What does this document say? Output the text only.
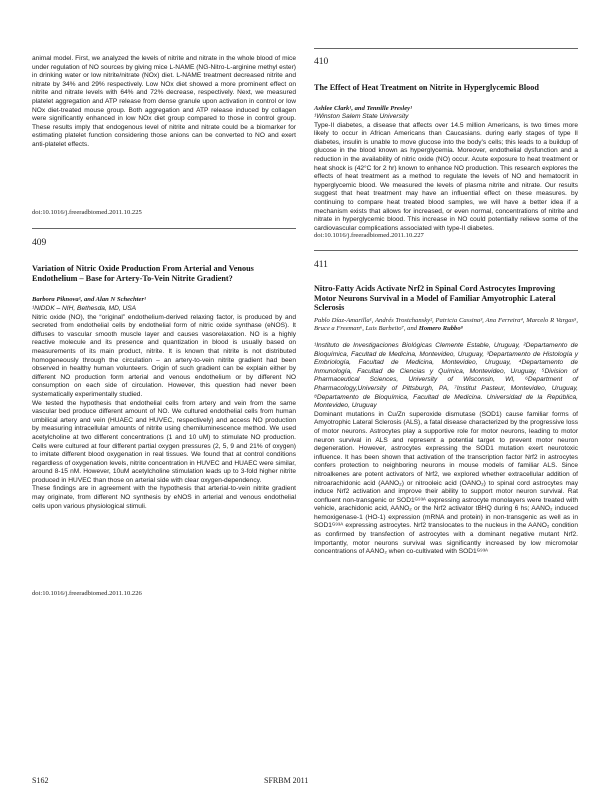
animal model. First, we analyzed the levels of nitrite and nitrate in the whole blood of mice under regulation of NO sources by giving mice L-NAME (NG-Nitro-L-arginine methyl ester) in drinking water or low nitrite/nitrate (NOx) diet. L-NAME treatment decreased nitrite and nitrate by 34% and 29% respectively. Low NOx diet showed a more prominent effect on nitrite and nitrate levels with 64% and 72% decrease, respectively. Next, we measured platelet aggregation and ATP release from dense granule upon activation in control or low NOx diet-treated mouse group. Both aggregation and ATP release induced by collagen were significantly enhanced in low NOx diet group compared to those in control group. These results imply that endogenous level of nitrite and nitrate could be a biomarker for estimating platelet function considering those anions can be converted to NO and exert anti-platelet effects.

doi:10.1016/j.freeradbiomed.2011.10.225
409

Variation of Nitric Oxide Production From Arterial and Venous Endothelium – Base for Artery-To-Vein Nitrite Gradient?

Barbora Piknova¹, and Alan N Schechter¹

¹NIDDK – NIH, Bethesda, MD, USA

Nitric oxide (NO), the “original” endothelium-derived relaxing factor, is produced by and secreted from endothelial cells by endothelial form of nitric oxide synthase (eNOS). It diffuses to vascular smooth muscle layer and causes vasorelaxation. NO is a highly reactive molecule and its presence and quantization in blood is usually based on measurements of its main product, nitrite. It is known that nitrite is not distributed homogeneously through the circulation – an artery-to-vein nitrite gradient had been observed in healthy human volunteers. Origin of such gradient can be explain either by different NO production form arterial and venous endothelium or by different NO consumption on each side of circulation. However, this question had never been systematically experimentally studied.

We tested the hypothesis that endothelial cells from artery and vein from the same vascular bed produce different amount of NO. We cultured endothelial cells from human umbilical artery and vein (HUAEC and HUVEC, respectively) and access NO production by measuring intracellular amounts of nitrite using chemiluminescence method. We used acetylcholine at two different concentrations (1 and 10 uM) to stimulate NO production. Cells were cultured at four different partial oxygen pressures (2, 5, 9 and 21% of oxygen) to imitate different blood oxygenation in real tissues. We found that at control conditions regardless of oxygenation levels, nitrite concentration in HUVEC and HUAEC were similar, around 8-15 nM. However, 10uM acetylcholine stimulation leads up to 3-fold higher nitrite produced in HUVEC than those on arterial side with clear oxygen-dependency.

These findings are in agreement with the hypothesis that arterial-to-vein nitrite gradient may originate, from different NO synthesis by eNOS in arterial and venous endothelial cells upon various physiological stimuli.

doi:10.1016/j.freeradbiomed.2011.10.226
410

The Effect of Heat Treatment on Nitrite in Hyperglycemic Blood

Ashlee Clark¹, and Tennille Presley¹

¹Winston Salem State University

Type-II diabetes, a disease that affects over 14.5 million Americans, is two times more likely to occur in African Americans than Caucasians. during early stages of type II diabetes, insulin is unable to move glucose into the body’s cells; this leads to a buildup of glucose in the blood known as hyperglycemia. Moreover, endothelial dysfunction and a reduction in the availability of nitric oxide (NO) occur. Acute exposure to heat treatment or heat shock is (42°C for 2 hr) known to enhance NO production. This research explores the effects of heat treatment as a method to regulate the levels of NO and hematocrit in hyperglycemic blood. We measured the levels of plasma nitrite and nitrate. Our results suggest that heat treatment may have an influential effect on these measures. by continuing to compare heat treated blood samples, we will have a better idea if a mechanism exists that allows for increased, or even normal, concentrations of nitrite and nitrate in hyperglycemic blood. This increase in NO could potentially relieve some of the cardiovascular complications associated with type-II diabetes.

doi:10.1016/j.freeradbiomed.2011.10.227
411

Nitro-Fatty Acids Activate Nrf2 in Spinal Cord Astrocytes Improving Motor Neurons Survival in a Model of Familiar Amyotrophic Lateral Sclerosis

Pablo Díaz-Amarilla¹, Andrés Trostchansky², Patricia Cassina³, Ana Ferreira⁴, Marcelo R Vargas⁵, Bruce a Freeman⁶, Luis Barbeito⁷, and Homero Rubbo⁸

¹Instituto de Investigaciones Biológicas Clemente Estable, Uruguay, ²Departamento de Bioquímica, Facultad de Medicina, Montevideo, Uruguay, ³Departamento de Histología y Embriología, Facultad de Medicina, Montevideo, Uruguay, ⁴Departamento de Inmunología, Facultad de Ciencias y Química, Montevideo, Uruguay, ⁵Division of Pharmaceutical Sciences, University of Wisconsin, WI, ⁶Department of Pharmacology,University of Pittsburgh, PA, ⁷Institut Pasteur, Montevideo, Uruguay, ⁸Departamento de Bioquímica, Facultad de Medicina. Universidad de la República, Montevideo, Uruguay

Dominant mutations in Cu/Zn superoxide dismutase (SOD1) cause familiar forms of Amyotrophic Lateral Sclerosis (ALS), a fatal disease characterized by the progressive loss of motor neurons. Astrocytes play a supportive role for motor neurons, leading to motor neuron survival in ALS and represent a potential target to prevent motor neuron degeneration. However, astrocytes expressing the SOD1 mutation exert neurotoxic influence. It has been shown that activation of the transcription factor Nrf2 in astrocytes confers protection to neighboring neurons in mouse models of familiar ALS. Since nitroalkenes are potent activators of Nrf2, we explored whether extracellular addition of nitroarachidonic acid (AANO₂) or nitrooleic acid (OANO₂) to spinal cord astrocytes may induce Nrf2 activation and improve their ability to support motor neuron survival. Rat confluent non-transgenic or SOD1ᴳ⁹³ᴬ expressing astrocyte monolayers were treated with vehicle, arachidonic acid, AANO₂ or the Nrf2 activator tBHQ during 6 hs; AANO₂ induced hemoxigenase-1 (HO-1) expression (mRNA and protein) in non-transgenic as well as in SOD1ᴳ⁹³ᴬ expressing astrocytes. Nrf2 translocates to the nucleus in the AANO₂ condition as confirmed by transfection of astrocytes with a dominant negative mutant Nrf2. Importantly, motor neurons survival was significantly increased by low micromolar concentrations of AANO₂ when co-cultivated with SOD1ᴳ⁹³ᴬ

S162	SFRBM 2011
